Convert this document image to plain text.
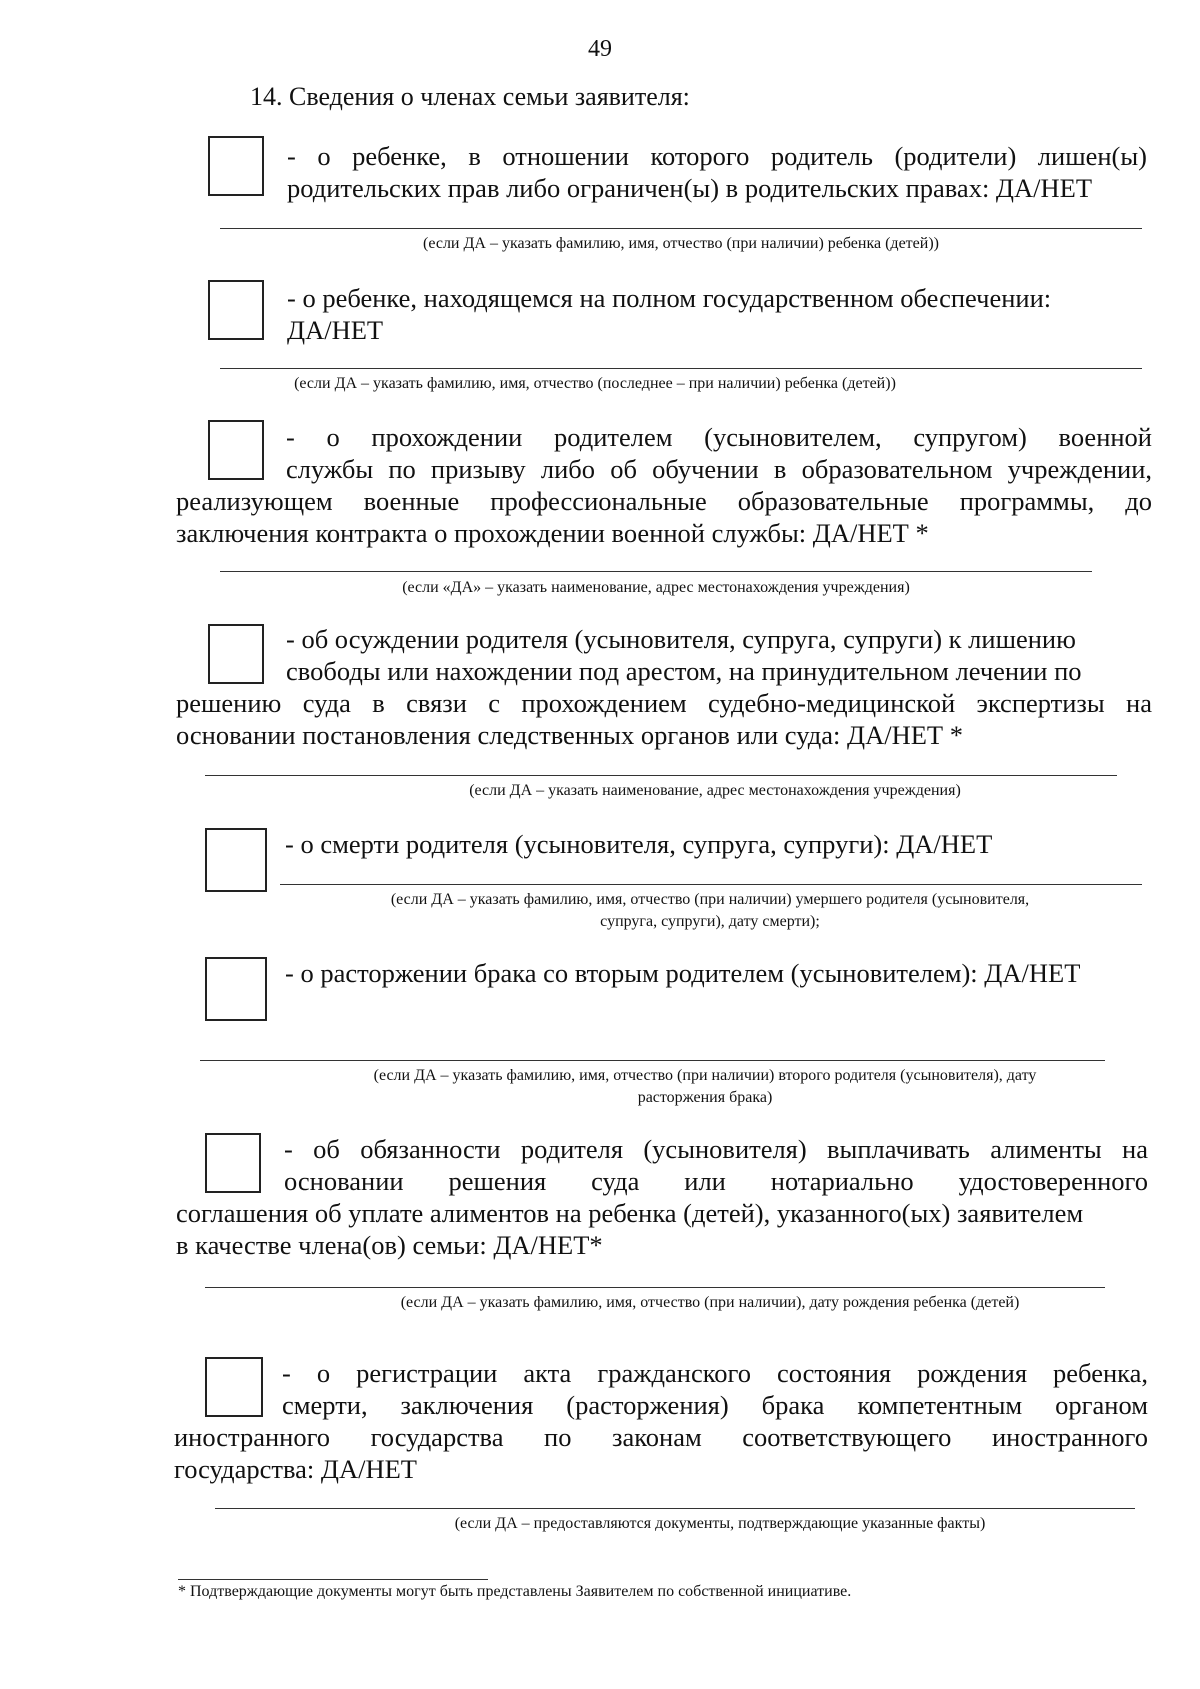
49
14. Сведения о членах семьи заявителя:
- о ребенке, в отношении которого родитель (родители) лишен(ы)
родительских прав либо ограничен(ы) в родительских правах: ДА/НЕТ
(если ДА – указать фамилию, имя, отчество (при наличии) ребенка (детей))
- о ребенке, находящемся на полном государственном обеспечении:
ДА/НЕТ
(если ДА – указать фамилию, имя, отчество (последнее – при наличии) ребенка (детей))
- о прохождении родителем (усыновителем, супругом) военной
службы по призыву либо об обучении в образовательном учреждении,
реализующем военные профессиональные образовательные программы, до
заключения контракта о прохождении военной службы: ДА/НЕТ *
(если «ДА» – указать наименование, адрес местонахождения учреждения)
- об осуждении родителя (усыновителя, супруга, супруги) к лишению
свободы или нахождении под арестом, на принудительном лечении по
решению суда в связи с прохождением судебно-медицинской экспертизы на
основании постановления следственных органов или суда: ДА/НЕТ *
(если ДА – указать наименование, адрес местонахождения учреждения)
- о смерти родителя (усыновителя, супруга, супруги): ДА/НЕТ
(если ДА – указать фамилию, имя, отчество (при наличии) умершего родителя (усыновителя,
супруга, супруги), дату смерти);
- о расторжении брака со вторым родителем (усыновителем): ДА/НЕТ
(если ДА – указать фамилию, имя, отчество (при наличии) второго родителя (усыновителя), дату
расторжения брака)
- об обязанности родителя (усыновителя) выплачивать алименты на
основании решения суда или нотариально удостоверенного
соглашения об уплате алиментов на ребенка (детей), указанного(ых) заявителем
в качестве члена(ов) семьи: ДА/НЕТ*
(если ДА – указать фамилию, имя, отчество (при наличии), дату рождения ребенка (детей)
- о регистрации акта гражданского состояния рождения ребенка,
смерти, заключения (расторжения) брака компетентным органом
иностранного государства по законам соответствующего иностранного
государства: ДА/НЕТ
(если ДА – предоставляются документы, подтверждающие указанные факты)
* Подтверждающие документы могут быть представлены Заявителем по собственной инициативе.
